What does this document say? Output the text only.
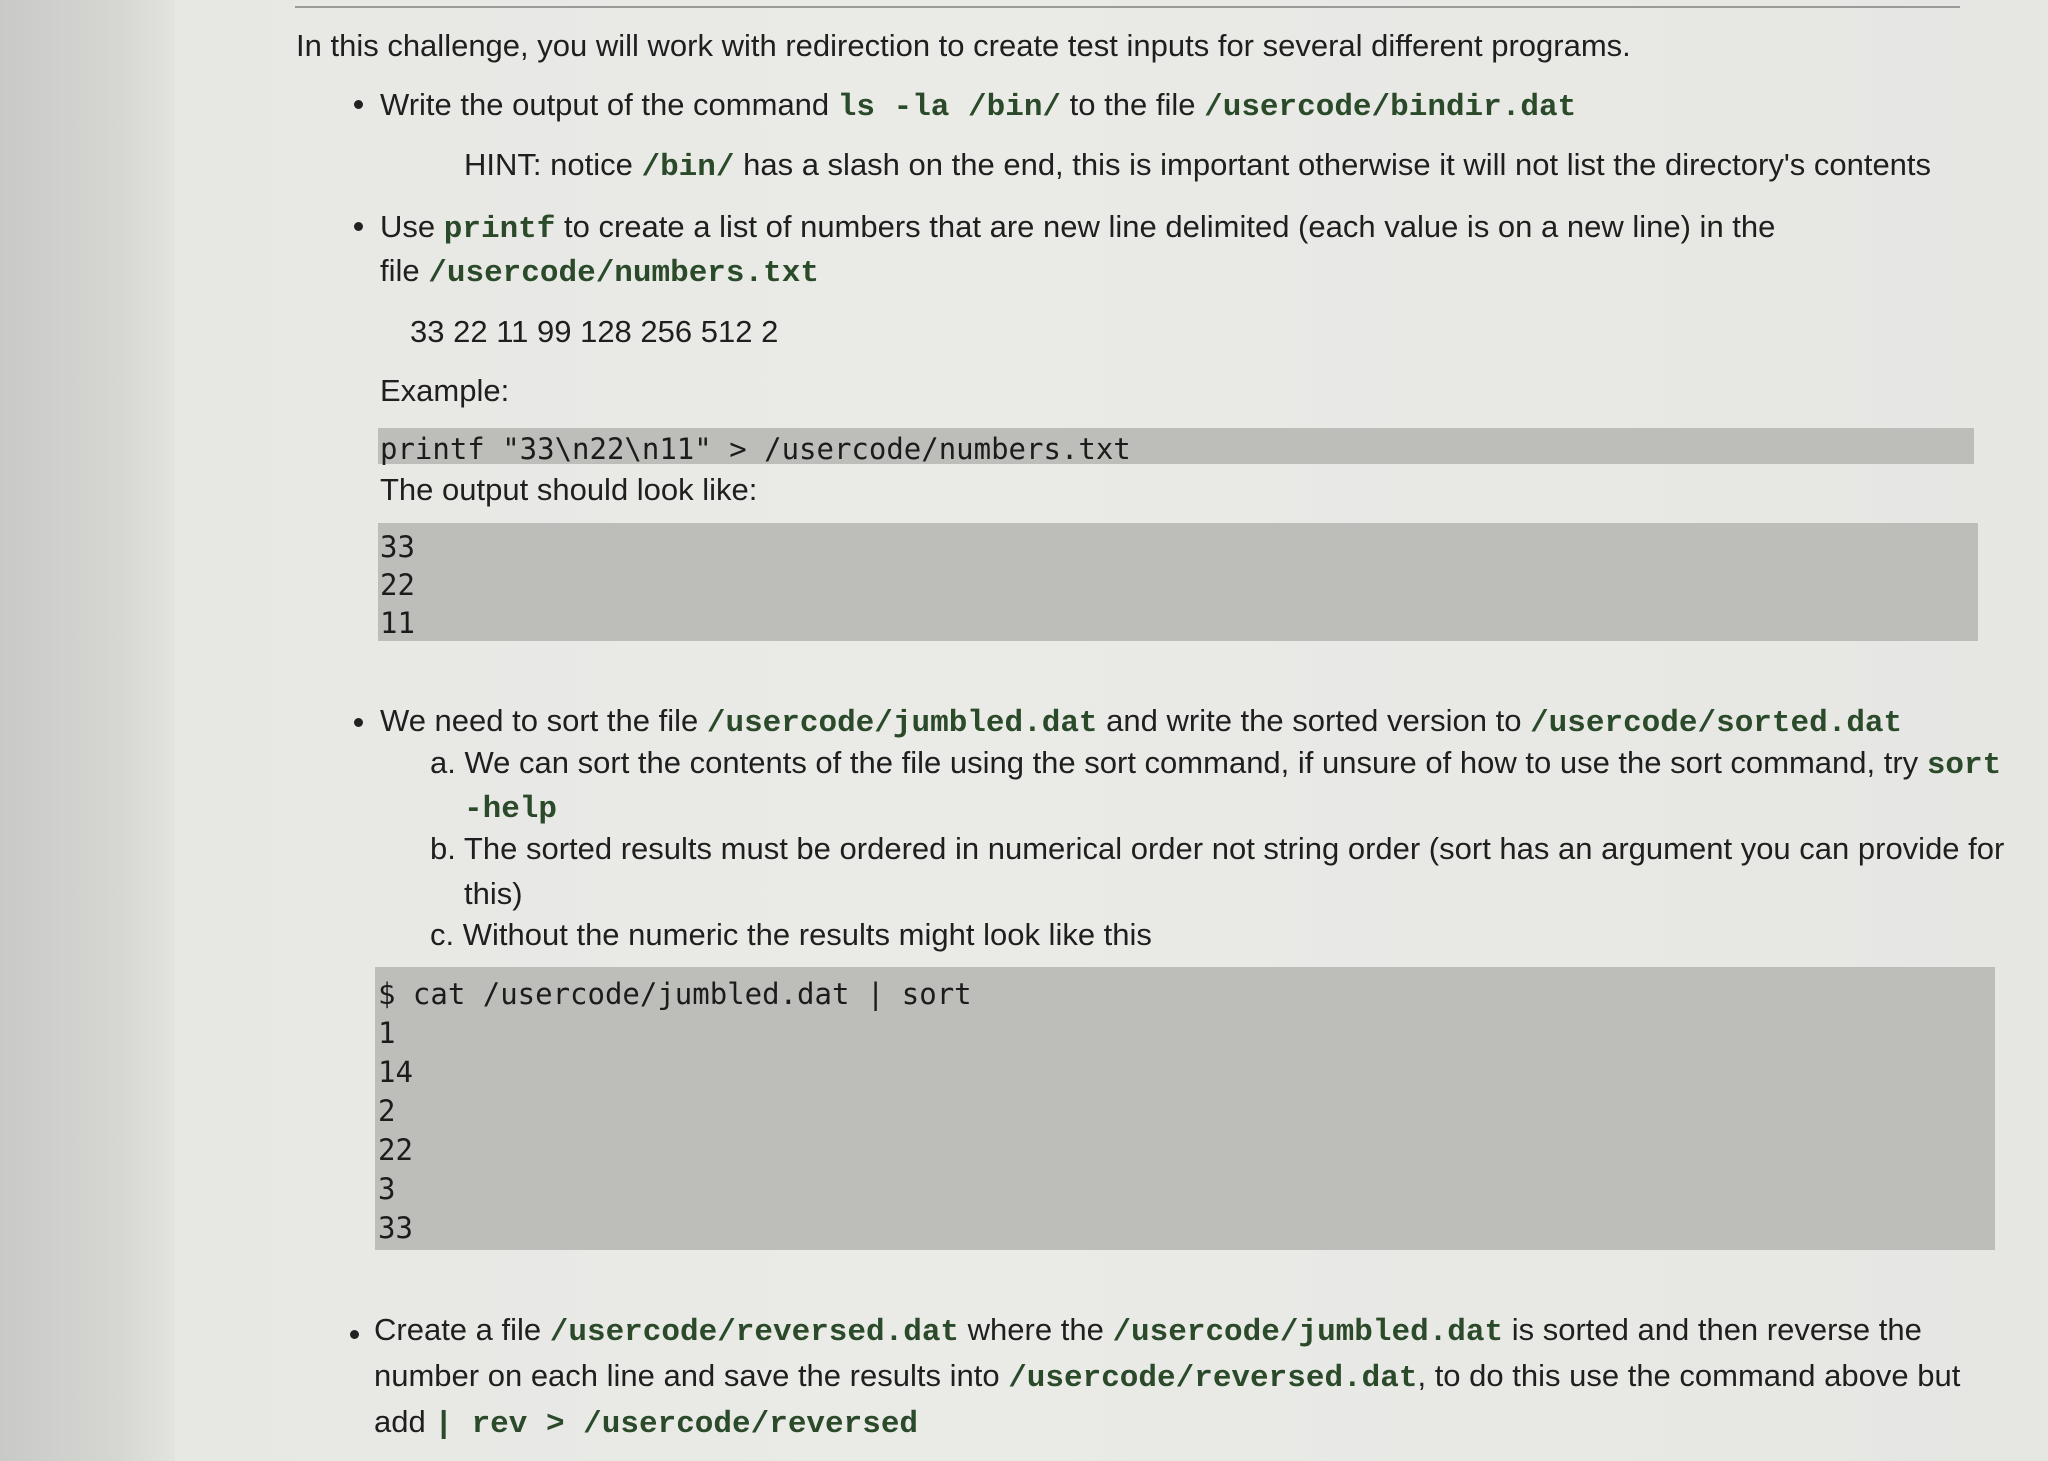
In this challenge, you will work with redirection to create test inputs for several different programs.
Write the output of the command ls -la /bin/ to the file /usercode/bindir.dat
HINT: notice /bin/ has a slash on the end, this is important otherwise it will not list the directory's contents
Use printf to create a list of numbers that are new line delimited (each value is on a new line) in the
file /usercode/numbers.txt
33 22 11 99 128 256 512 2
Example:
printf "33\n22\n11" > /usercode/numbers.txt
The output should look like:
33
22
11
We need to sort the file /usercode/jumbled.dat and write the sorted version to /usercode/sorted.dat
a. We can sort the contents of the file using the sort command, if unsure of how to use the sort command, try sort
-help
b. The sorted results must be ordered in numerical order not string order (sort has an argument you can provide for
this)
c. Without the numeric the results might look like this
$ cat /usercode/jumbled.dat | sort
1
14
2
22
3
33
Create a file /usercode/reversed.dat where the /usercode/jumbled.dat is sorted and then reverse the
number on each line and save the results into /usercode/reversed.dat, to do this use the command above but
add | rev > /usercode/reversed
